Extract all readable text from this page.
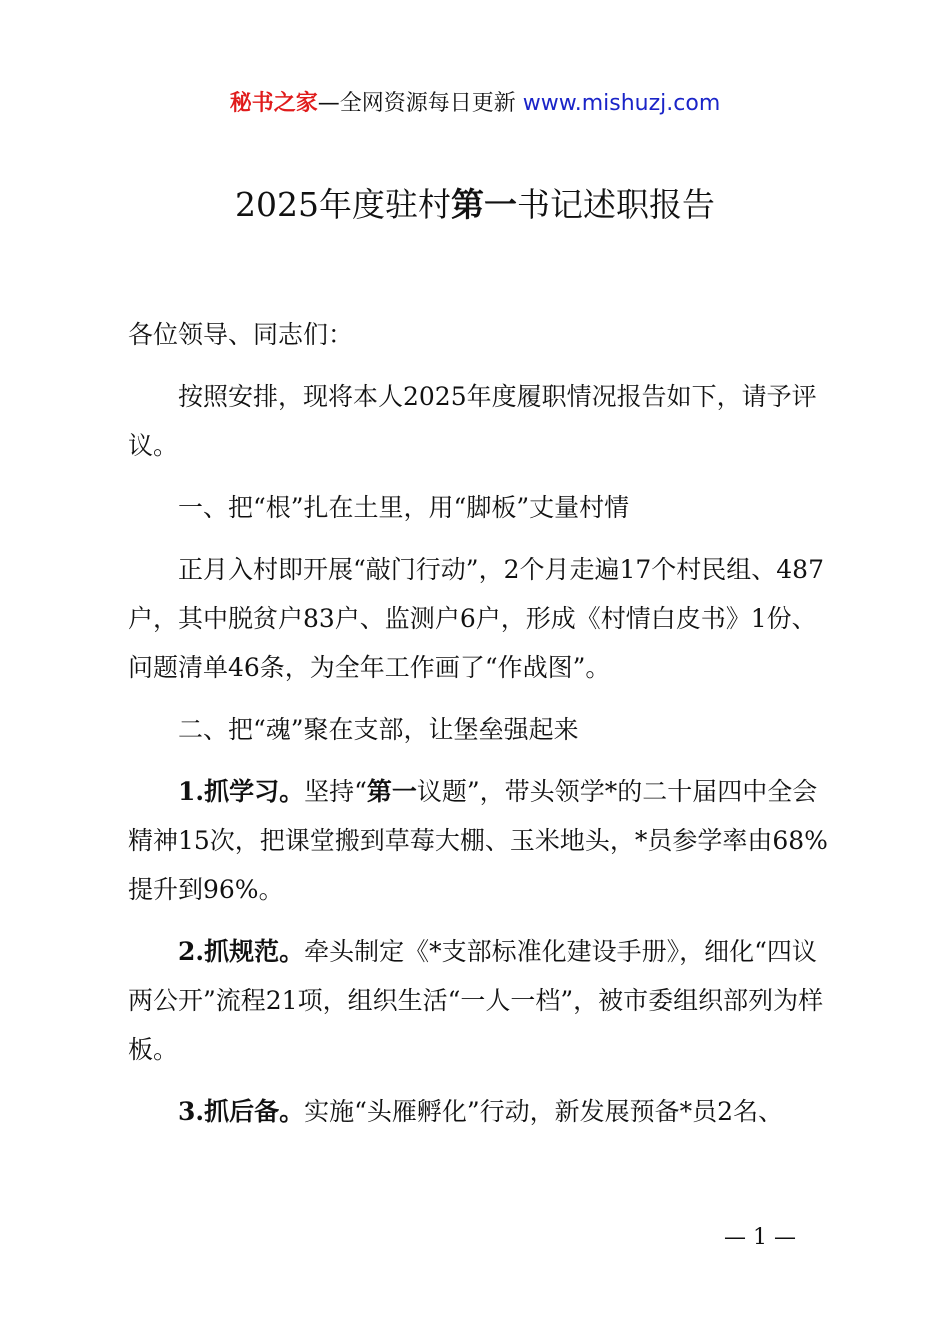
秘书之家—全网资源每日更新 www.mishuzj.com
2025年度驻村第一书记述职报告

各位领导、同志们：

按照安排，现将本人2025年度履职情况报告如下，请予评议。

一、把“根”扎在土里，用“脚板”丈量村情

正月入村即开展“敲门行动”，2个月走遍17个村民组、487户，其中脱贫户83户、监测户6户，形成《村情白皮书》1份、问题清单46条，为全年工作画了“作战图”。

二、把“魂”聚在支部，让堡垒强起来

1.抓学习。坚持“第一议题”，带头领学*的二十届四中全会精神15次，把课堂搬到草莓大棚、玉米地头，*员参学率由68%提升到96%。

2.抓规范。牵头制定《*支部标准化建设手册》，细化“四议两公开”流程21项，组织生活“一人一档”，被市委组织部列为样板。

3.抓后备。实施“头雁孵化”行动，新发展预备*员2名、

— 1 —
